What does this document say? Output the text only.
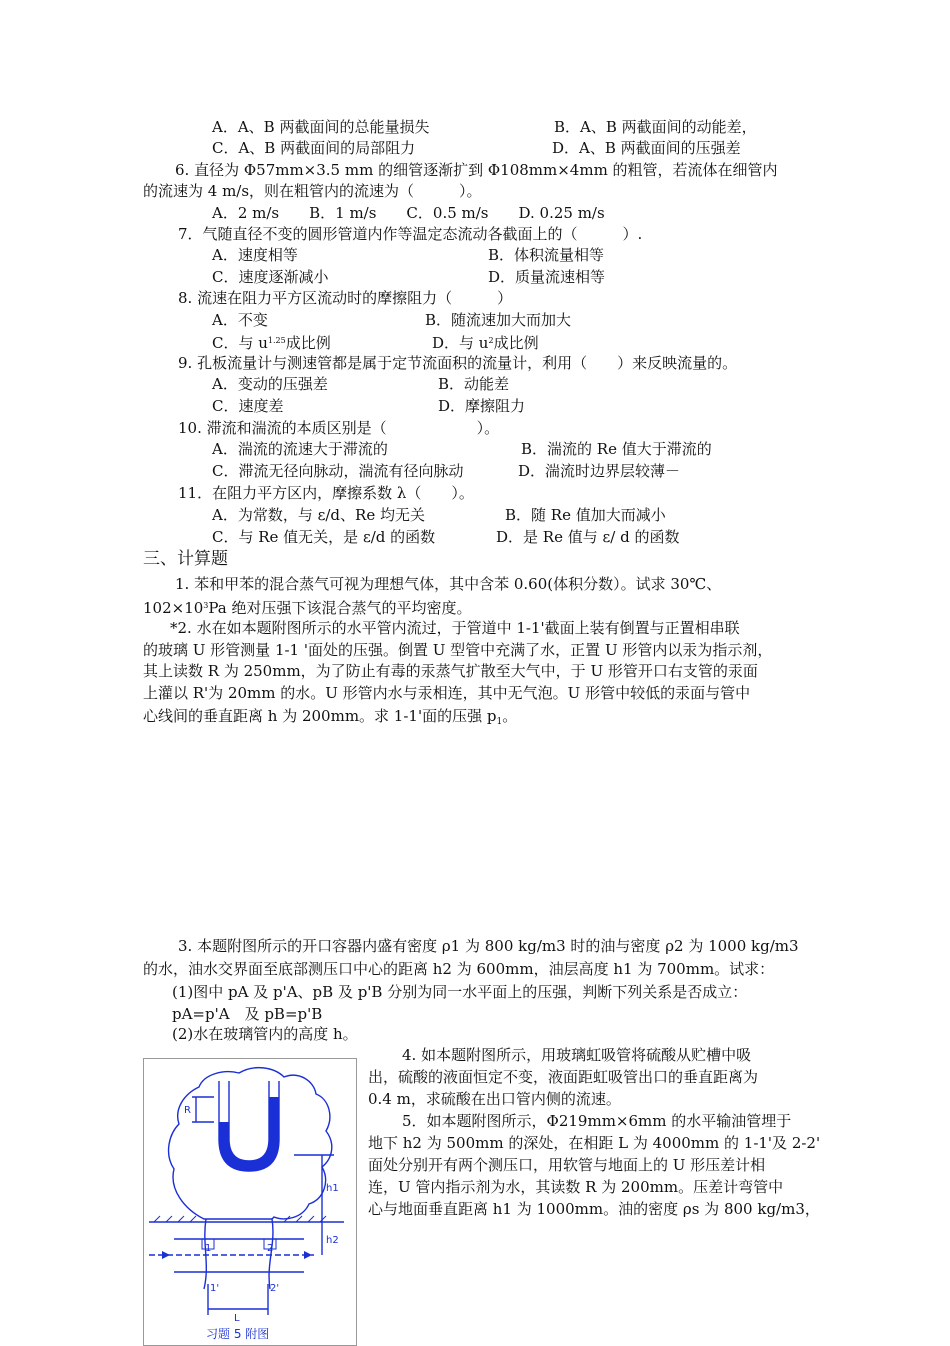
A．A、B 两截面间的总能量损失	B．A、B 两截面间的动能差，
C．A、B 两截面间的局部阻力	D．A、B 两截面间的压强差
6. 直径为 Φ57mm×3.5 mm 的细管逐渐扩到 Φ108mm×4mm 的粗管，若流体在细管内
的流速为 4 m/s，则在粗管内的流速为（　　　）。
A．2 m/s　　B．1 m/s　　C．0.5 m/s　　D. 0.25 m/s
7．气随直径不变的圆形管道内作等温定态流动各截面上的（　　　）.
A．速度相等	B．体积流量相等
C．速度逐渐减小	D．质量流速相等
8. 流速在阻力平方区流动时的摩擦阻力（　　　）
A．不变	B．随流速加大而加大
C．与 $u^{1.25}$成比例	D．与 $u^2$成比例
9. 孔板流量计与测速管都是属于定节流面积的流量计，利用（　　）来反映流量的。
A．变动的压强差	B．动能差
C．速度差	D．摩擦阻力
10. 滞流和湍流的本质区别是（　　　　　　）。
A．湍流的流速大于滞流的	B．湍流的 Re 值大于滞流的
C．滞流无径向脉动，湍流有径向脉动	D．湍流时边界层较薄－
11．在阻力平方区内，摩擦系数 λ（　　）。
A．为常数，与 ε/d、Re 均无关	B．随 Re 值加大而减小
C．与 Re 值无关，是 ε/d 的函数	D．是 Re 值与 ε/ d 的函数
三、计算题
1. 苯和甲苯的混合蒸气可视为理想气体，其中含苯 0.60(体积分数）。试求 30℃、
$102\times 10^3Pa$ 绝对压强下该混合蒸气的平均密度。
*2. 水在如本题附图所示的水平管内流过，于管道中 1-1'截面上装有倒置与正置相串联
的玻璃 U 形管测量 1-1 '面处的压强。倒置 U 型管中充满了水，正置 U 形管内以汞为指示剂，
其上读数 R 为 250mm，为了防止有毒的汞蒸气扩散至大气中，于 U 形管开口右支管的汞面
上灌以 R'为 20mm 的水。U 形管内水与汞相连，其中无气泡。U 形管中较低的汞面与管中
心线间的垂直距离 h 为 200mm。求 1-1'面的压强 $p_1$。
3. 本题附图所示的开口容器内盛有密度 ρ1 为 800 kg/m3 时的油与密度 ρ2 为 1000 kg/m3
的水，油水交界面至底部测压口中心的距离 h2 为 600mm，油层高度 h1 为 700mm。试求：
(1)图中 pA 及 p'A、pB 及 p'B 分别为同一水平面上的压强，判断下列关系是否成立：
pA=p'A　及 pB=p'B
(2)水在玻璃管内的高度 h。
4. 如本题附图所示，用玻璃虹吸管将硫酸从贮槽中吸
出，硫酸的液面恒定不变，液面距虹吸管出口的垂直距离为
0.4 m，求硫酸在出口管内侧的流速。
5．如本题附图所示，Φ219mm×6mm 的水平输油管埋于
地下 h2 为 500mm 的深处，在相距 L 为 4000mm 的 1-1'及 2-2'
面处分别开有两个测压口，用软管与地面上的 U 形压差计相
连，U 管内指示剂为水，其读数 R 为 200mm。压差计弯管中
心与地面垂直距离 h1 为 1000mm。油的密度 ρs 为 800 kg/m3，
R
h1
h2
1	2
1'	2'
L
习题 5 附图
